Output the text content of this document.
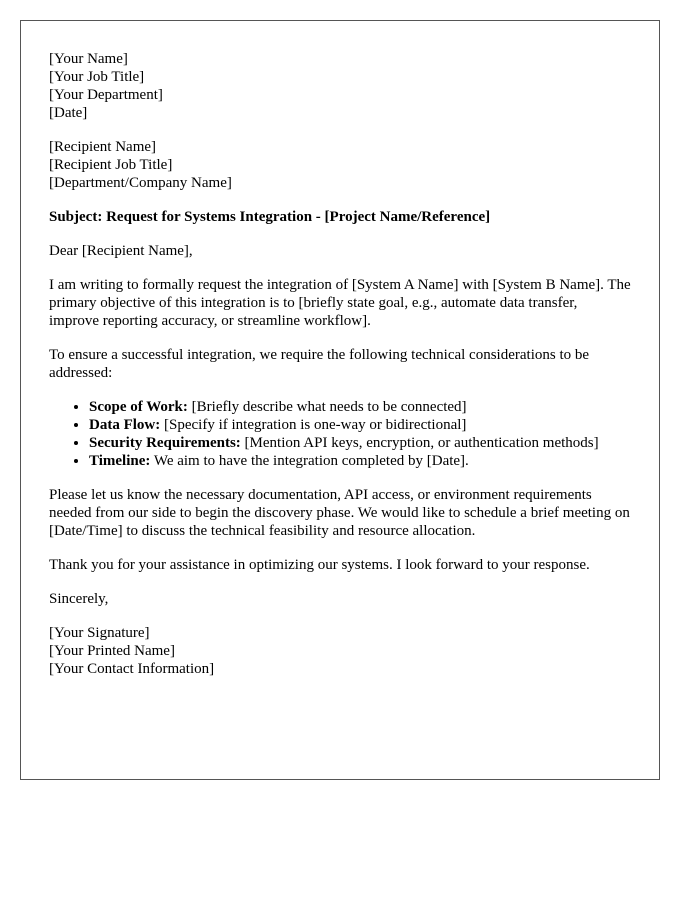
[Your Name]
[Your Job Title]
[Your Department]
[Date]
[Recipient Name]
[Recipient Job Title]
[Department/Company Name]

Subject: Request for Systems Integration - [Project Name/Reference]

Dear [Recipient Name],

I am writing to formally request the integration of [System A Name] with [System B Name]. The primary objective of this integration is to [briefly state goal, e.g., automate data transfer, improve reporting accuracy, or streamline workflow].

To ensure a successful integration, we require the following technical considerations to be addressed:

• Scope of Work: [Briefly describe what needs to be connected]
• Data Flow: [Specify if integration is one-way or bidirectional]
• Security Requirements: [Mention API keys, encryption, or authentication methods]
• Timeline: We aim to have the integration completed by [Date].

Please let us know the necessary documentation, API access, or environment requirements needed from our side to begin the discovery phase. We would like to schedule a brief meeting on [Date/Time] to discuss the technical feasibility and resource allocation.

Thank you for your assistance in optimizing our systems. I look forward to your response.

Sincerely,

[Your Signature]
[Your Printed Name]
[Your Contact Information]
